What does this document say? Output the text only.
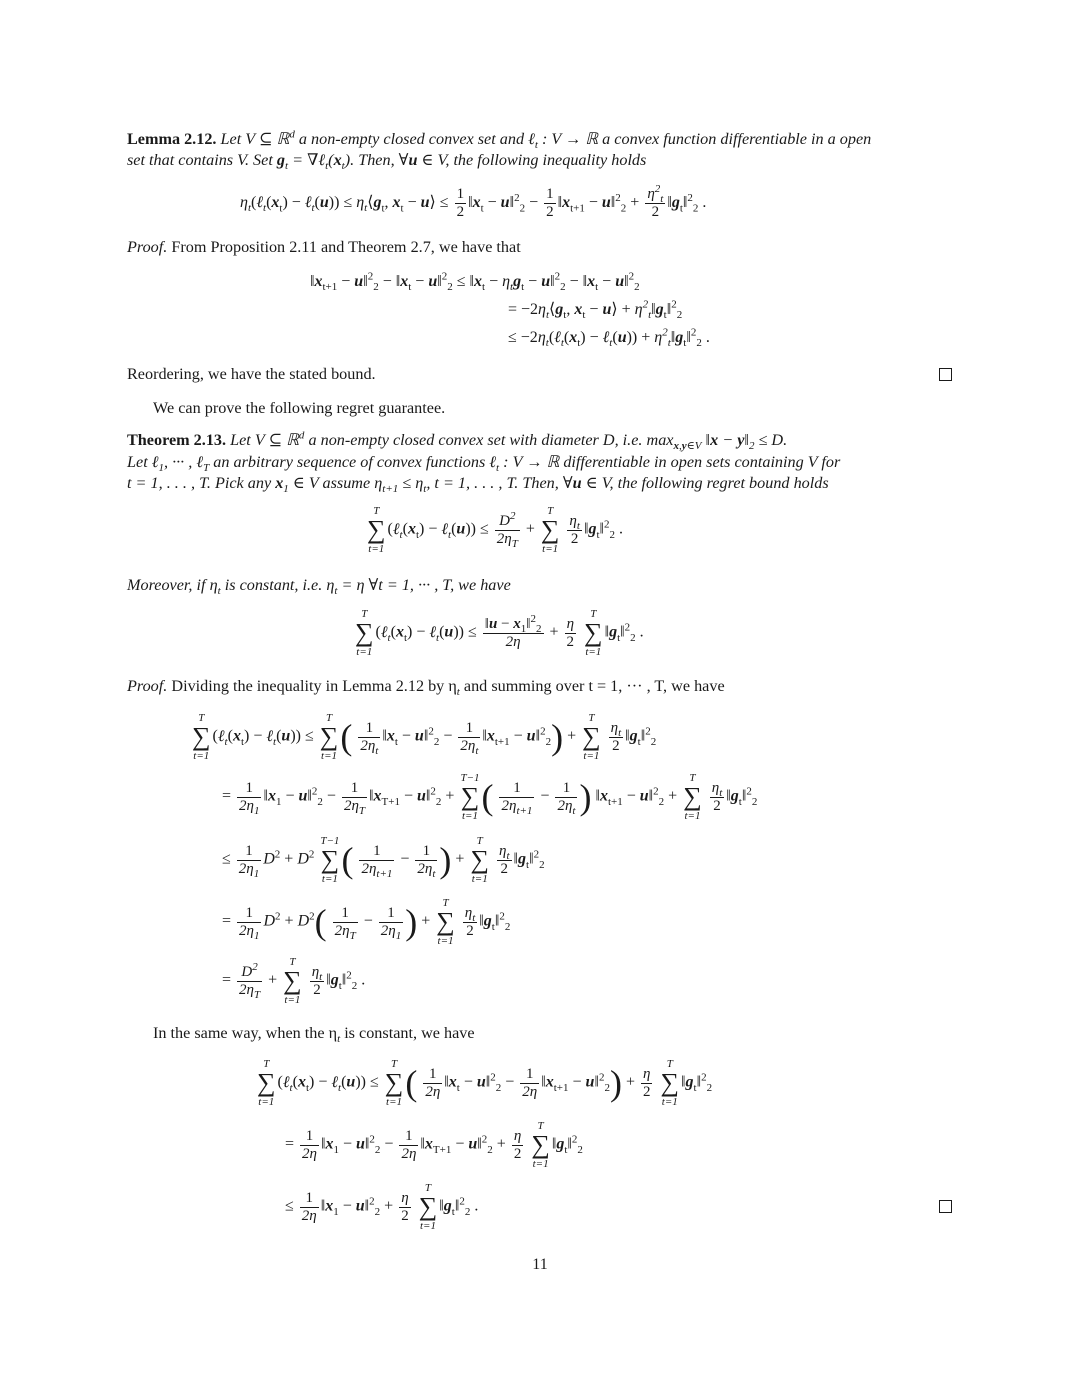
Lemma 2.12. Let V ⊆ ℝ$^d$ a non-empty closed convex set and ℓ$_t$ : V → ℝ a convex function differentiable in a open
set that contains V. Set $g_t$ = $\nabla\ell_t(x_t)$. Then, ∀u ∈ V, the following inequality holds
$\eta_t(\ell_t(x_t)$ − ℓ$_t$(u)) ≤ $\eta_t⟨g_t$, $x_t$ − u⟩ ≤ $\frac{1}{2}$ $‖x_t$ − u‖$^2_2$ − $\frac{1}{2}$ $‖x_{t+1}$ − u‖$^2_2$ + $\frac{\eta^2_t}{2}$ $‖g_t‖^2_2$ .
Proof. From Proposition 2.11 and Theorem 2.7, we have that
$‖x_{t+1}$ − u‖$^2_2$ − $‖x_t$ − u‖$^2_2$ ≤ $‖x_t - \eta_tg_t$ − u‖$^2_2$ − $‖x_t$ − u‖$^2_2$
= $-2\eta_t⟨g_t$, $x_t$ − u⟩ + $\eta^2_t‖g_t‖^2_2$
≤ $-2\eta_t(\ell_t(x_t)$ − ℓ$_t$(u)) + $\eta^2_t‖g_t‖^2_2$ .
Reordering, we have the stated bound.
We can prove the following regret guarantee.
Theorem 2.13. Let V ⊆ ℝ$^d$ a non-empty closed convex set with diameter D, i.e. $\max_{x,y\in V}$ ‖x − $y‖_2 \le D$.
Let ℓ$_1$, ··· , ℓ$_T$ an arbitrary sequence of convex functions ℓ$_t$ : V → ℝ differentiable in open sets containing V for
t = 1, . . . , T. Pick any $x_1$ ∈ V assume $\eta_{t+1} \le \eta_t$, t = 1, . . . , T. Then, ∀u ∈ V, the following regret bound holds
T
∑
t=1
($\ell_t(x_t)$ − ℓ$_t$(u)) ≤ $\frac{D^2}{2\eta_T}$ +
T
∑
t=1

$\frac{\eta_t}{2}$ $‖g_t‖^2_2$ .
Moreover, if $\eta_t$ is constant, i.e. $\eta_t = \eta$ ∀t = 1, ··· , T, we have
T
∑
t=1
($\ell_t(x_t)$ − ℓ$_t$(u)) ≤ $\frac{‖u - x_1‖^2_2}{2\eta} + \frac{\eta}{2}$

T
∑
t=1
$‖g_t‖^2_2$ .
Proof. Dividing the inequality in Lemma 2.12 by $\eta_t$ and summing over t = 1, ··· , T, we have
T
∑
t=1
($\ell_t(x_t)$ − ℓ$_t$(u)) ≤
T
∑
t=1 ( $\frac{1}{2\eta_t}$ $‖x_t$ − u‖$^2_2$ − $\frac{1}{2\eta_t}$ $‖x_{t+1}$ − u‖$^2_2$) +
T
∑
t=1

$\frac{\eta_t}{2}$ $‖g_t‖^2_2$
= $\frac{1}{2\eta_1}$ $‖x_1$ − u‖$^2_2$ − $\frac{1}{2\eta_T}$ $‖x_{T+1}$ − u‖$^2_2$ +
T−1
∑
t=1 ( $\frac{1}{2\eta_{t+1}} - \frac{1}{2\eta_t}$ ) $‖x_{t+1}$ − u‖$^2_2$ +
T
∑
t=1

$\frac{\eta_t}{2}$ $‖g_t‖^2_2$
≤ $\frac{1}{2\eta_1} D^2 + D^2$
T−1
∑
t=1 ( $\frac{1}{2\eta_{t+1}} - \frac{1}{2\eta_t}$ ) +
T
∑
t=1

$\frac{\eta_t}{2}$ $‖g_t‖^2_2$
= $\frac{1}{2\eta_1} D^2 + D^2( \frac{1}{2\eta_T} - \frac{1}{2\eta_1}$ ) +
T
∑
t=1

$\frac{\eta_t}{2}$ $‖g_t‖^2_2$
= $\frac{D^2}{2\eta_T}$ +
T
∑
t=1

$\frac{\eta_t}{2}$ $‖g_t‖^2_2$ .
In the same way, when the $\eta_t$ is constant, we have
T
∑
t=1
($\ell_t(x_t)$ − ℓ$_t$(u)) ≤
T
∑
t=1 ( $\frac{1}{2\eta}$ $‖x_t$ − u‖$^2_2$ − $\frac{1}{2\eta}$ $‖x_{t+1}$ − u‖$^2_2$) + $\frac{\eta}{2}$

T
∑
t=1
$‖g_t‖^2_2$
= $\frac{1}{2\eta}$ $‖x_1$ − u‖$^2_2$ − $\frac{1}{2\eta}$ $‖x_{T+1}$ − u‖$^2_2$ + $\frac{\eta}{2}$

T
∑
t=1
$‖g_t‖^2_2$
≤ $\frac{1}{2\eta}$ $‖x_1$ − u‖$^2_2$ + $\frac{\eta}{2}$

T
∑
t=1
$‖g_t‖^2_2$ .
11
